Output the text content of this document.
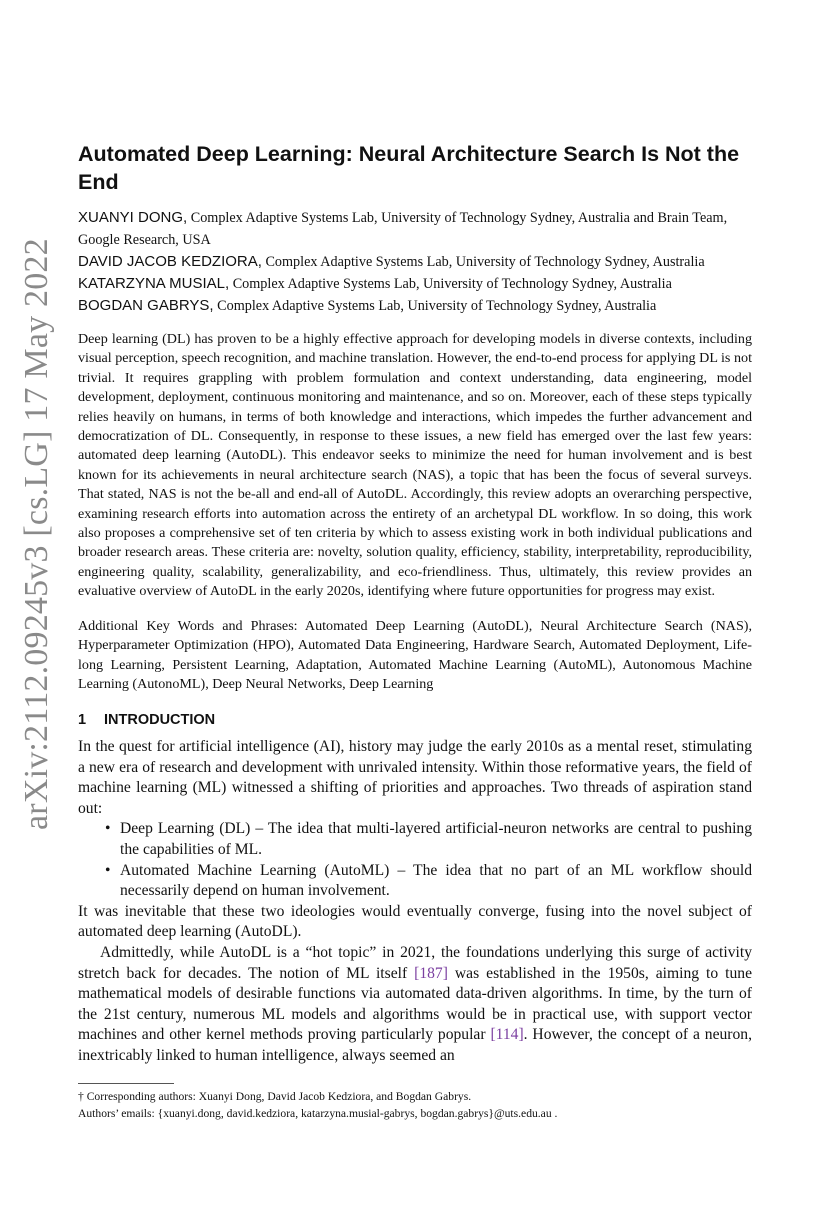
arXiv:2112.09245v3 [cs.LG] 17 May 2022
Automated Deep Learning: Neural Architecture Search Is Not the End
XUANYI DONG, Complex Adaptive Systems Lab, University of Technology Sydney, Australia and Brain Team, Google Research, USA
DAVID JACOB KEDZIORA, Complex Adaptive Systems Lab, University of Technology Sydney, Australia
KATARZYNA MUSIAL, Complex Adaptive Systems Lab, University of Technology Sydney, Australia
BOGDAN GABRYS, Complex Adaptive Systems Lab, University of Technology Sydney, Australia

Deep learning (DL) has proven to be a highly effective approach for developing models in diverse contexts, including visual perception, speech recognition, and machine translation. However, the end-to-end process for applying DL is not trivial. It requires grappling with problem formulation and context understanding, data engineering, model development, deployment, continuous monitoring and maintenance, and so on. Moreover, each of these steps typically relies heavily on humans, in terms of both knowledge and interactions, which impedes the further advancement and democratization of DL. Consequently, in response to these issues, a new field has emerged over the last few years: automated deep learning (AutoDL). This endeavor seeks to minimize the need for human involvement and is best known for its achievements in neural architecture search (NAS), a topic that has been the focus of several surveys. That stated, NAS is not the be-all and end-all of AutoDL. Accordingly, this review adopts an overarching perspective, examining research efforts into automation across the entirety of an archetypal DL workflow. In so doing, this work also proposes a comprehensive set of ten criteria by which to assess existing work in both individual publications and broader research areas. These criteria are: novelty, solution quality, efficiency, stability, interpretability, reproducibility, engineering quality, scalability, generalizability, and eco-friendliness. Thus, ultimately, this review provides an evaluative overview of AutoDL in the early 2020s, identifying where future opportunities for progress may exist.

Additional Key Words and Phrases: Automated Deep Learning (AutoDL), Neural Architecture Search (NAS), Hyperparameter Optimization (HPO), Automated Data Engineering, Hardware Search, Automated Deployment, Life-long Learning, Persistent Learning, Adaptation, Automated Machine Learning (AutoML), Autonomous Machine Learning (AutonoML), Deep Neural Networks, Deep Learning

1 INTRODUCTION

In the quest for artificial intelligence (AI), history may judge the early 2010s as a mental reset, stimulating a new era of research and development with unrivaled intensity. Within those reformative years, the field of machine learning (ML) witnessed a shifting of priorities and approaches. Two threads of aspiration stand out:

• Deep Learning (DL) – The idea that multi-layered artificial-neuron networks are central to pushing the capabilities of ML.
• Automated Machine Learning (AutoML) – The idea that no part of an ML workflow should necessarily depend on human involvement.

It was inevitable that these two ideologies would eventually converge, fusing into the novel subject of automated deep learning (AutoDL).

Admittedly, while AutoDL is a “hot topic” in 2021, the foundations underlying this surge of activity stretch back for decades. The notion of ML itself [187] was established in the 1950s, aiming to tune mathematical models of desirable functions via automated data-driven algorithms. In time, by the turn of the 21st century, numerous ML models and algorithms would be in practical use, with support vector machines and other kernel methods proving particularly popular [114]. However, the concept of a neuron, inextricably linked to human intelligence, always seemed an

† Corresponding authors: Xuanyi Dong, David Jacob Kedziora, and Bogdan Gabrys.
Authors’ emails: {xuanyi.dong, david.kedziora, katarzyna.musial-gabrys, bogdan.gabrys}@uts.edu.au .
